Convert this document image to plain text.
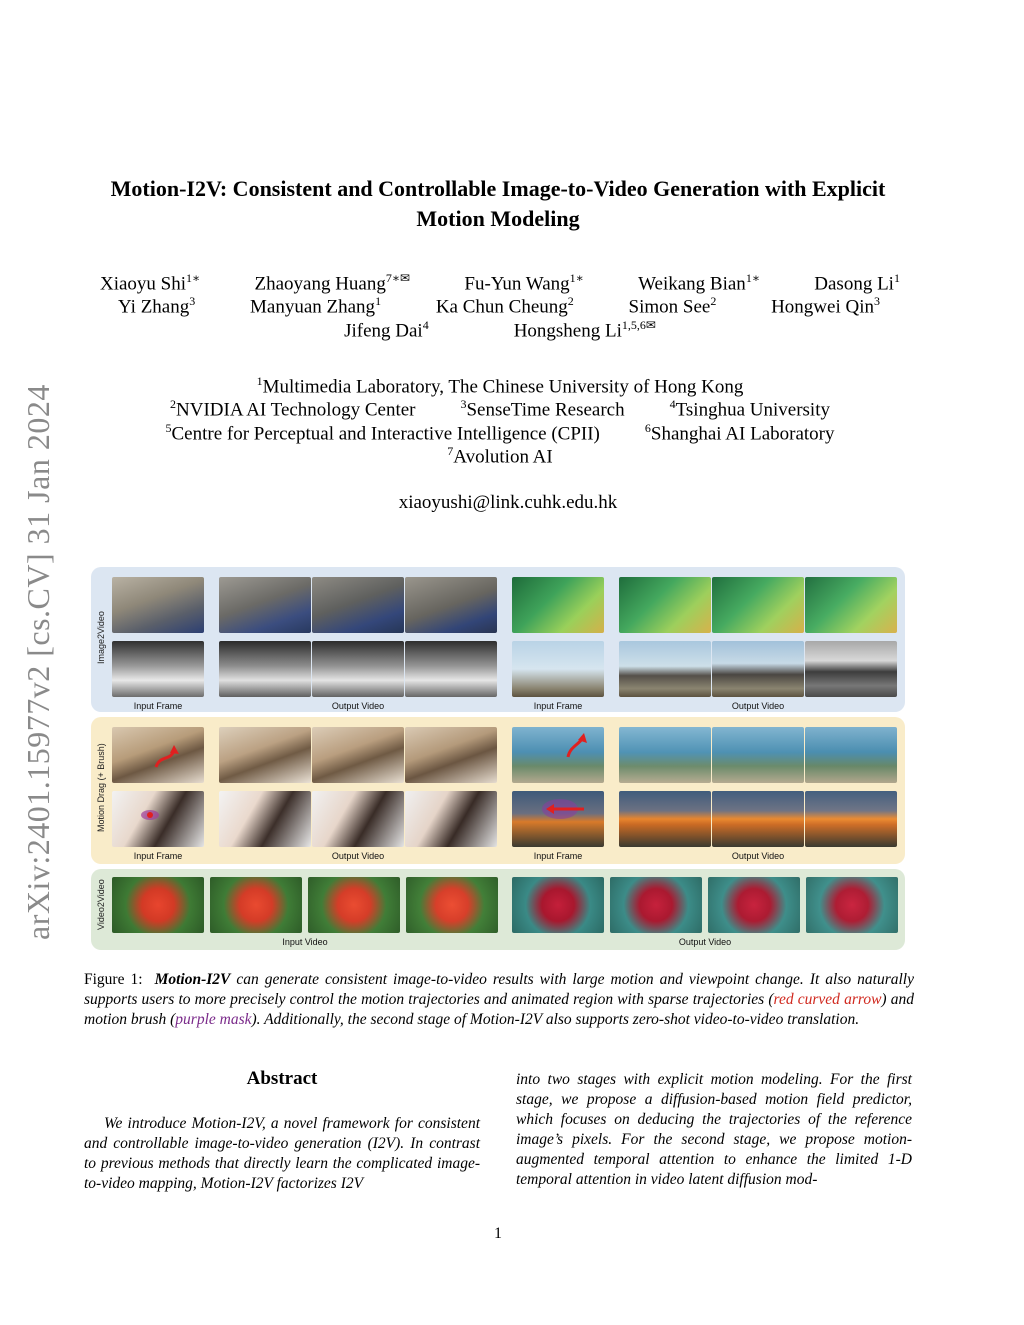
arXiv:2401.15977v2 [cs.CV] 31 Jan 2024
Motion-I2V: Consistent and Controllable Image-to-Video Generation with Explicit Motion Modeling
Xiaoyu Shi$^{1∗}$	Zhaoyang Huang$^{7∗✉}$	Fu-Yun Wang$^{1∗}$	Weikang Bian$^{1∗}$	Dasong Li$^1$
Yi Zhang$^3$	Manyuan Zhang$^1$	Ka Chun Cheung$^2$	Simon See$^2$	Hongwei Qin$^3$
Jifeng Dai$^4$	Hongsheng $Li^{1,5,6✉}$
$^1$Multimedia Laboratory, The Chinese University of Hong Kong
$^2$NVIDIA AI Technology Center	$^3$SenseTime Research	$^4$Tsinghua University
$^5$Centre for Perceptual and Interactive Intelligence (CPII)	$^6$Shanghai AI Laboratory
$^7$Avolution AI
xiaoyushi@link.cuhk.edu.hk
Image2Video
Motion Drag (+ Brush)
Video2Video
Input Frame	Output Video	Input Frame	Output Video
Input Frame	Output Video	Input Frame	Output Video
Input Video	Output Video
Figure 1: Motion-I2V can generate consistent image-to-video results with large motion and viewpoint change. It also naturally supports users to more precisely control the motion trajectories and animated region with sparse trajectories (red curved arrow) and motion brush (purple mask). Additionally, the second stage of Motion-I2V also supports zero-shot video-to-video translation.
Abstract
We introduce Motion-I2V, a novel framework for consistent and controllable image-to-video generation (I2V). In contrast to previous methods that directly learn the complicated image-to-video mapping, Motion-I2V factorizes I2V
into two stages with explicit motion modeling. For the first stage, we propose a diffusion-based motion field predictor, which focuses on deducing the trajectories of the reference image’s pixels. For the second stage, we propose motion-augmented temporal attention to enhance the limited 1-D temporal attention in video latent diffusion mod-
1
